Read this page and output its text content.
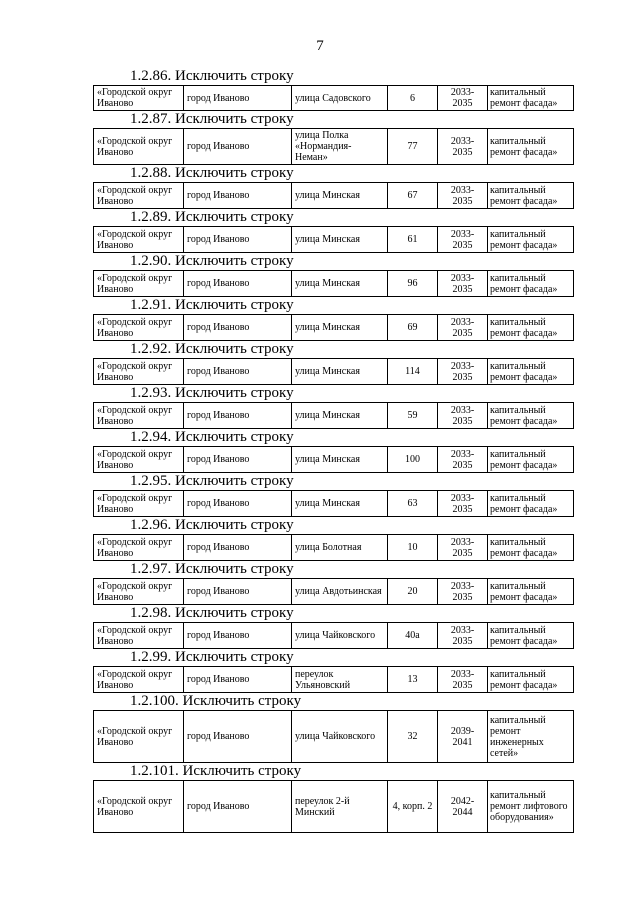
7
1.2.86. Исключить строку
«Городской округ Иваново	город Иваново	улица Садовского	6	2033-2035	капитальный ремонт фасада»
1.2.87. Исключить строку
«Городской округ Иваново	город Иваново	улица Полка «Нормандия-Неман»	77	2033-2035	капитальный ремонт фасада»
1.2.88. Исключить строку
«Городской округ Иваново	город Иваново	улица Минская	67	2033-2035	капитальный ремонт фасада»
1.2.89. Исключить строку
«Городской округ Иваново	город Иваново	улица Минская	61	2033-2035	капитальный ремонт фасада»
1.2.90. Исключить строку
«Городской округ Иваново	город Иваново	улица Минская	96	2033-2035	капитальный ремонт фасада»
1.2.91. Исключить строку
«Городской округ Иваново	город Иваново	улица Минская	69	2033-2035	капитальный ремонт фасада»
1.2.92. Исключить строку
«Городской округ Иваново	город Иваново	улица Минская	114	2033-2035	капитальный ремонт фасада»
1.2.93. Исключить строку
«Городской округ Иваново	город Иваново	улица Минская	59	2033-2035	капитальный ремонт фасада»
1.2.94. Исключить строку
«Городской округ Иваново	город Иваново	улица Минская	100	2033-2035	капитальный ремонт фасада»
1.2.95. Исключить строку
«Городской округ Иваново	город Иваново	улица Минская	63	2033-2035	капитальный ремонт фасада»
1.2.96. Исключить строку
«Городской округ Иваново	город Иваново	улица Болотная	10	2033-2035	капитальный ремонт фасада»
1.2.97. Исключить строку
«Городской округ Иваново	город Иваново	улица Авдотьинская	20	2033-2035	капитальный ремонт фасада»
1.2.98. Исключить строку
«Городской округ Иваново	город Иваново	улица Чайковского	40а	2033-2035	капитальный ремонт фасада»
1.2.99. Исключить строку
«Городской округ Иваново	город Иваново	переулок Ульяновский	13	2033-2035	капитальный ремонт фасада»
1.2.100. Исключить строку
«Городской округ Иваново	город Иваново	улица Чайковского	32	2039-2041	капитальный ремонт инженерных сетей»
1.2.101. Исключить строку
«Городской округ Иваново	город Иваново	переулок 2-й Минский	4, корп. 2	2042-2044	капитальный ремонт лифтового оборудования»
